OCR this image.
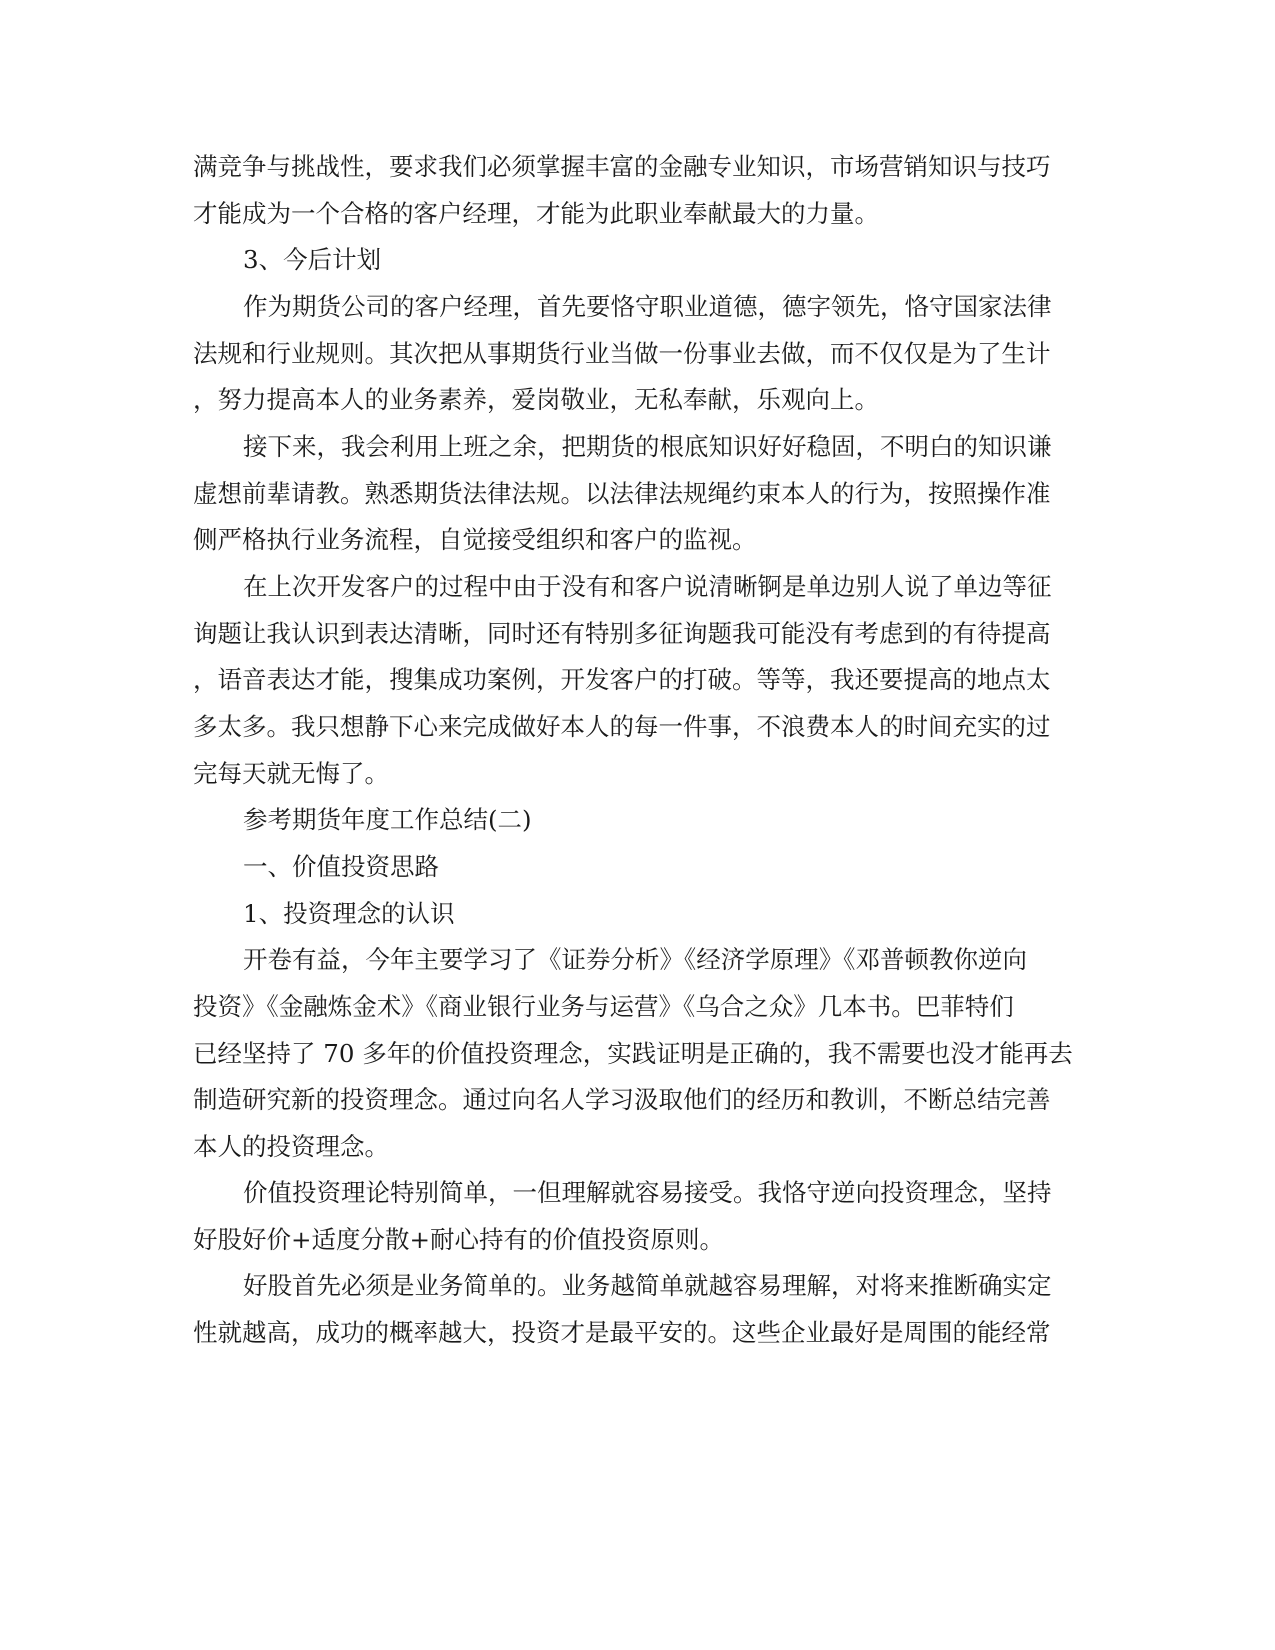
满竞争与挑战性，要求我们必须掌握丰富的金融专业知识，市场营销知识与技巧

才能成为一个合格的客户经理，才能为此职业奉献最大的力量。

3、今后计划

作为期货公司的客户经理，首先要恪守职业道德，德字领先，恪守国家法律

法规和行业规则。其次把从事期货行业当做一份事业去做，而不仅仅是为了生计

，努力提高本人的业务素养，爱岗敬业，无私奉献，乐观向上。

接下来，我会利用上班之余，把期货的根底知识好好稳固，不明白的知识谦

虚想前辈请教。熟悉期货法律法规。以法律法规绳约束本人的行为，按照操作准

侧严格执行业务流程，自觉接受组织和客户的监视。

在上次开发客户的过程中由于没有和客户说清晰锕是单边别人说了单边等征

询题让我认识到表达清晰，同时还有特别多征询题我可能没有考虑到的有待提高

，语音表达才能，搜集成功案例，开发客户的打破。等等，我还要提高的地点太

多太多。我只想静下心来完成做好本人的每一件事，不浪费本人的时间充实的过

完每天就无悔了。

参考期货年度工作总结(二)

一、价值投资思路

1、投资理念的认识

开卷有益，今年主要学习了《证券分析》《经济学原理》《邓普顿教你逆向

投资》《金融炼金术》《商业银行业务与运营》《乌合之众》几本书。巴菲特们

已经坚持了 70 多年的价值投资理念，实践证明是正确的，我不需要也没才能再去

制造研究新的投资理念。通过向名人学习汲取他们的经历和教训，不断总结完善

本人的投资理念。

价值投资理论特别简单，一但理解就容易接受。我恪守逆向投资理念，坚持

好股好价+适度分散+耐心持有的价值投资原则。

好股首先必须是业务简单的。业务越简单就越容易理解，对将来推断确实定

性就越高，成功的概率越大，投资才是最平安的。这些企业最好是周围的能经常
